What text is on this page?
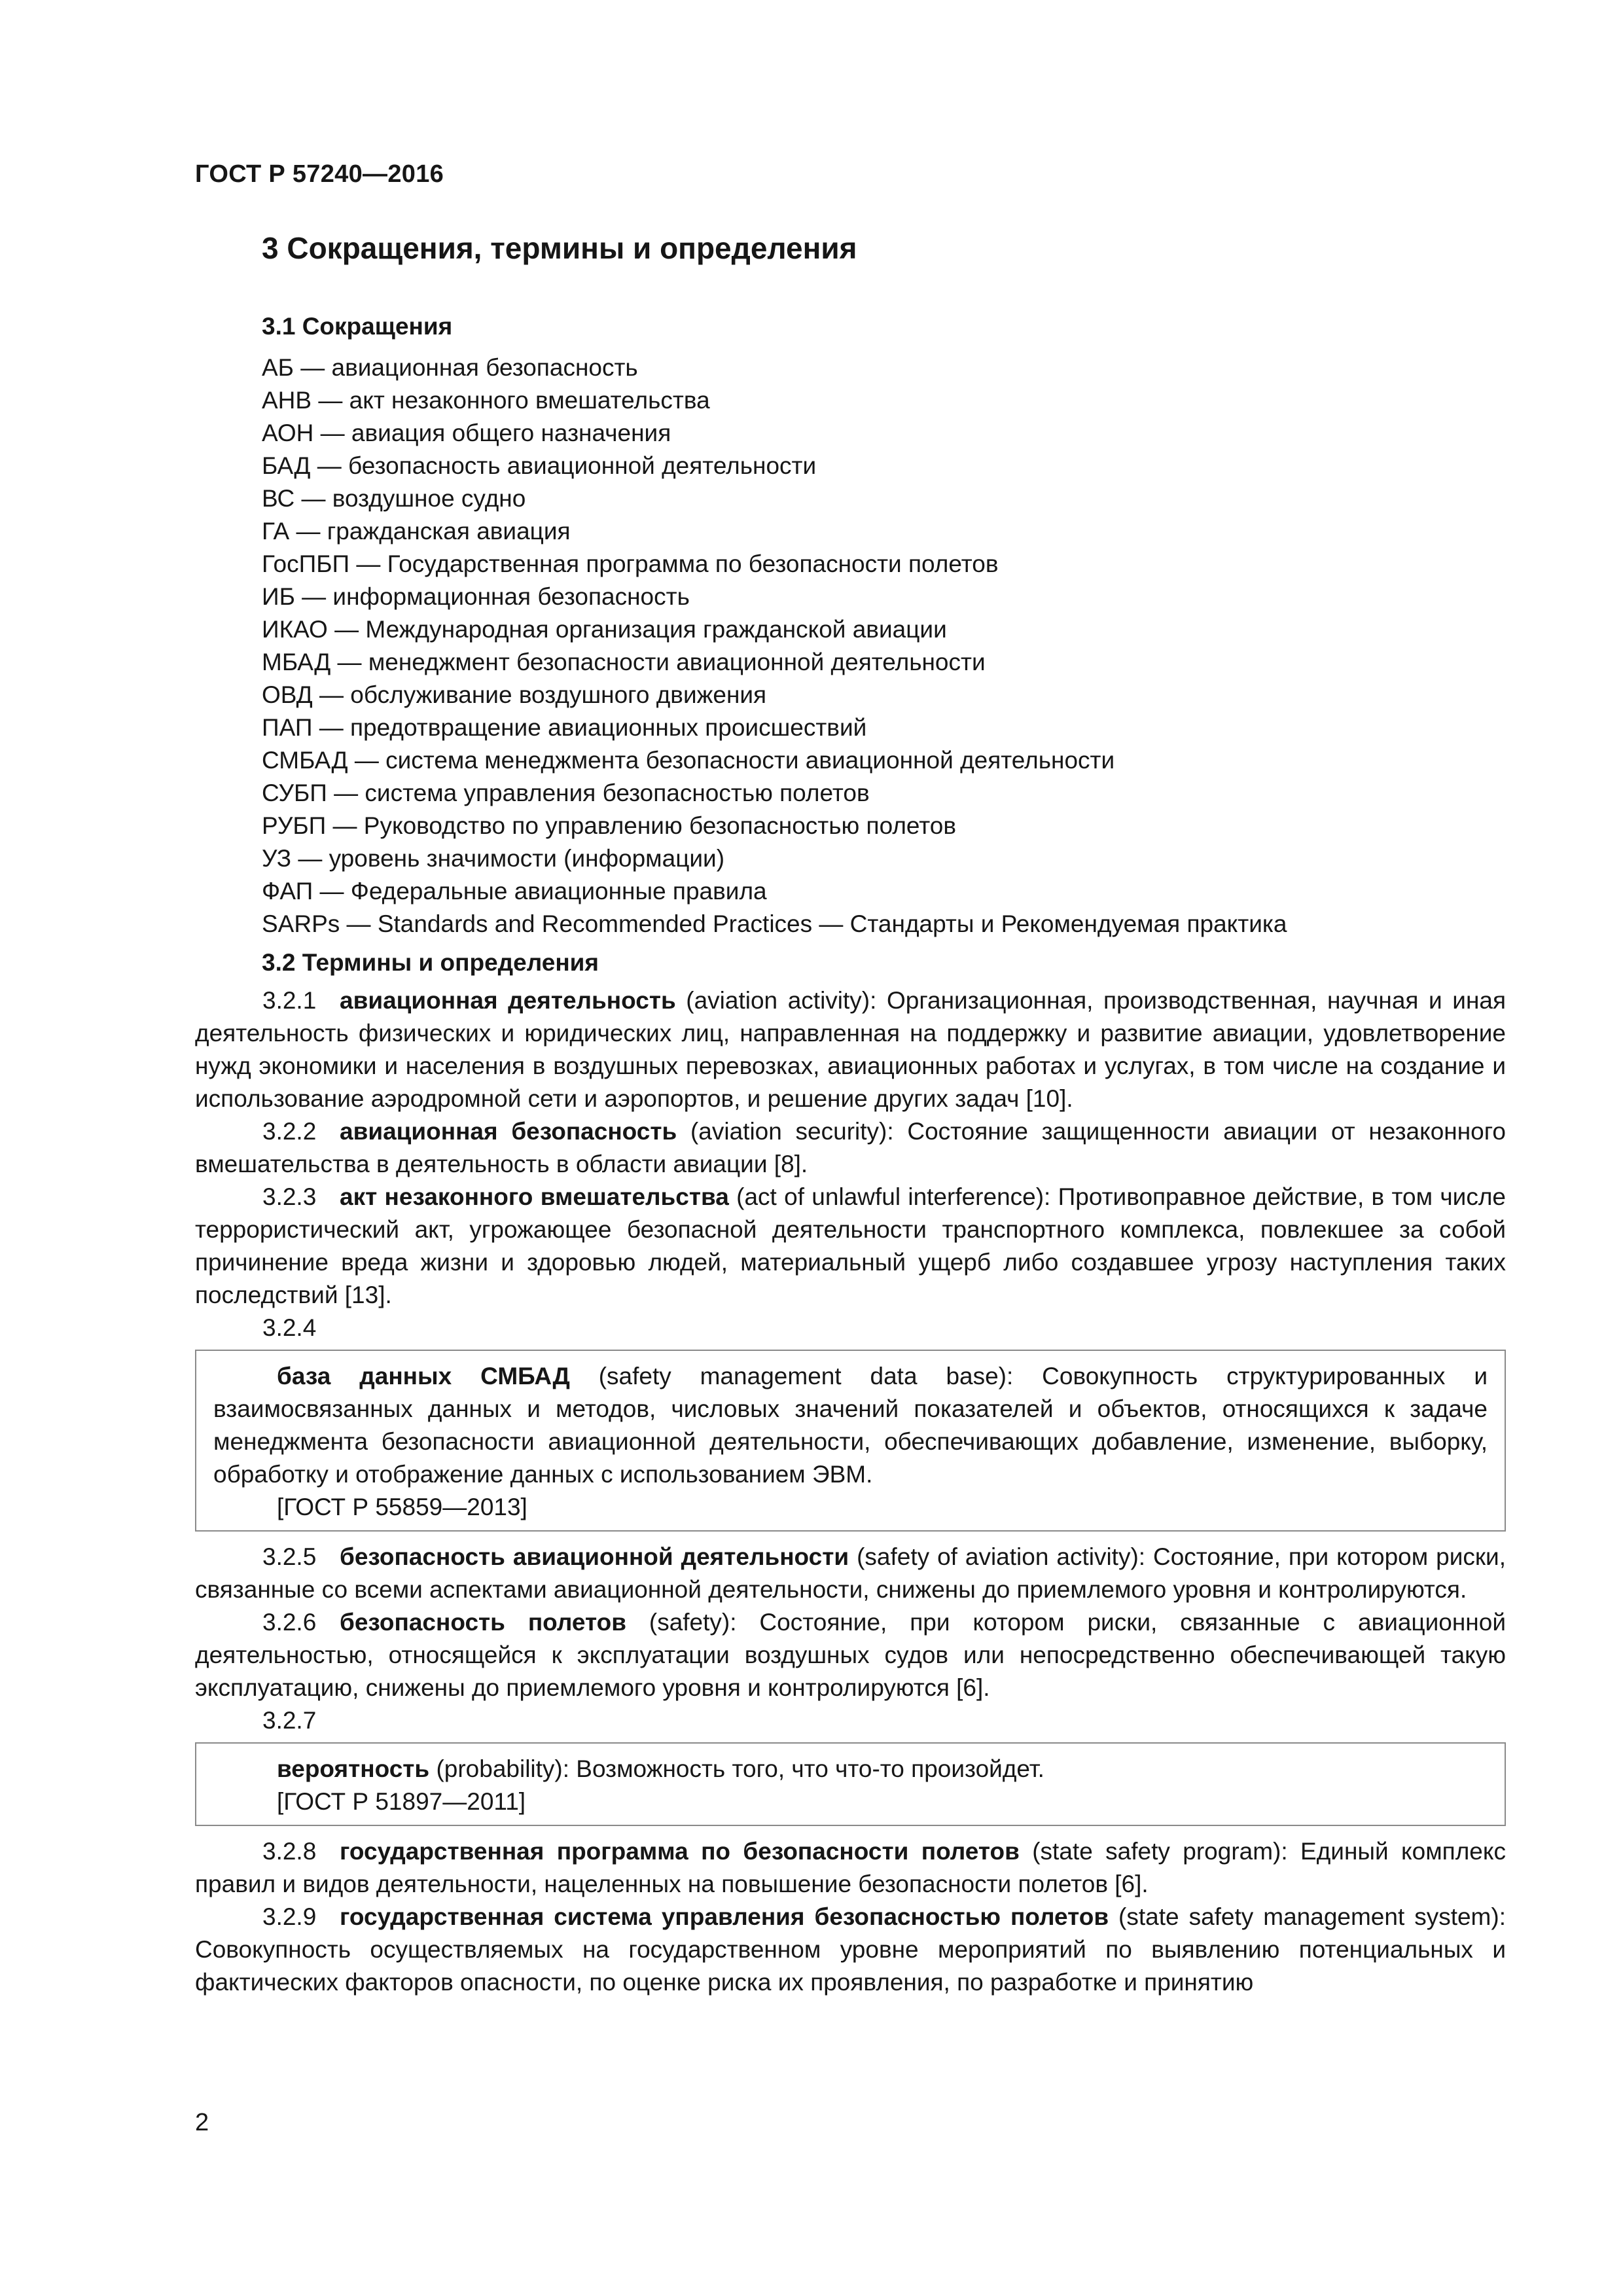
ГОСТ Р 57240—2016
3 Сокращения, термины и определения
3.1 Сокращения
АБ — авиационная безопасность
АНВ — акт незаконного вмешательства
АОН — авиация общего назначения
БАД — безопасность авиационной деятельности
ВС — воздушное судно
ГА — гражданская авиация
ГосПБП — Государственная программа по безопасности полетов
ИБ — информационная безопасность
ИКАО — Международная организация гражданской авиации
МБАД — менеджмент безопасности авиационной деятельности
ОВД — обслуживание воздушного движения
ПАП — предотвращение авиационных происшествий
СМБАД — система менеджмента безопасности авиационной деятельности
СУБП — система управления безопасностью полетов
РУБП — Руководство по управлению безопасностью полетов
УЗ — уровень значимости (информации)
ФАП — Федеральные авиационные правила
SARPs — Standards and Recommended Practices — Стандарты и Рекомендуемая практика
3.2 Термины и определения

3.2.1 авиационная деятельность (aviation activity): Организационная, производственная, научная и иная деятельность физических и юридических лиц, направленная на поддержку и развитие авиации, удовлетворение нужд экономики и населения в воздушных перевозках, авиационных работах и услугах, в том числе на создание и использование аэродромной сети и аэропортов, и решение других задач [10].

3.2.2 авиационная безопасность (aviation security): Состояние защищенности авиации от незаконного вмешательства в деятельность в области авиации [8].

3.2.3 акт незаконного вмешательства (act of unlawful interference): Противоправное действие, в том числе террористический акт, угрожающее безопасной деятельности транспортного комплекса, повлекшее за собой причинение вреда жизни и здоровью людей, материальный ущерб либо создавшее угрозу наступления таких последствий [13].

3.2.4

база данных СМБАД (safety management data base): Совокупность структурированных и взаимосвязанных данных и методов, числовых значений показателей и объектов, относящихся к задаче менеджмента безопасности авиационной деятельности, обеспечивающих добавление, изменение, выборку, обработку и отображение данных с использованием ЭВМ.

[ГОСТ Р 55859—2013]

3.2.5 безопасность авиационной деятельности (safety of aviation activity): Состояние, при котором риски, связанные со всеми аспектами авиационной деятельности, снижены до приемлемого уровня и контролируются.

3.2.6 безопасность полетов (safety): Состояние, при котором риски, связанные с авиационной деятельностью, относящейся к эксплуатации воздушных судов или непосредственно обеспечивающей такую эксплуатацию, снижены до приемлемого уровня и контролируются [6].

3.2.7

вероятность (probability): Возможность того, что что-то произойдет.

[ГОСТ Р 51897—2011]

3.2.8 государственная программа по безопасности полетов (state safety program): Единый комплекс правил и видов деятельности, нацеленных на повышение безопасности полетов [6].

3.2.9 государственная система управления безопасностью полетов (state safety management system): Совокупность осуществляемых на государственном уровне мероприятий по выявлению потенциальных и фактических факторов опасности, по оценке риска их проявления, по разработке и принятию

2
